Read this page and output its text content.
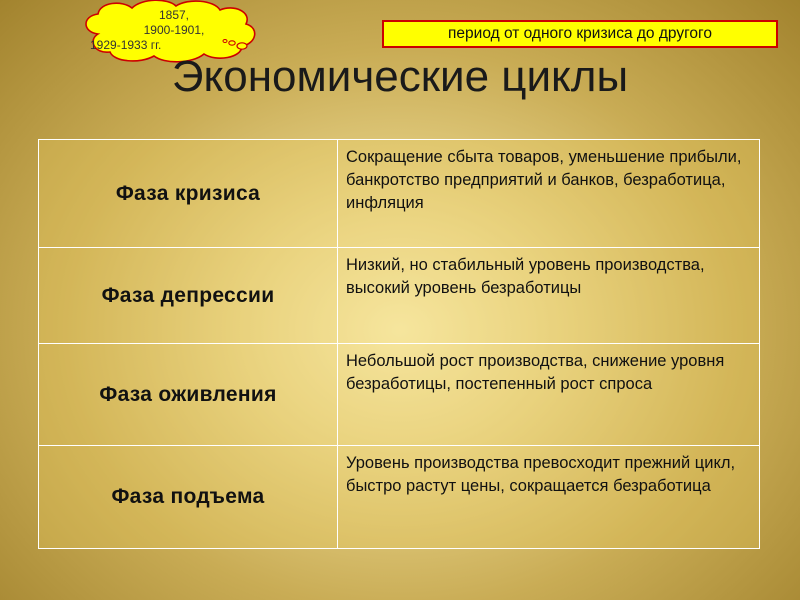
1857,
1900-1901,
1929-1933 гг.
период от одного кризиса до другого
Экономические циклы
Фаза кризиса	Сокращение сбыта товаров, уменьшение прибыли, банкротство предприятий и банков, безработица, инфляция
Фаза депрессии	Низкий, но стабильный уровень производства, высокий уровень безработицы
Фаза оживления	Небольшой рост производства, снижение уровня безработицы, постепенный рост спроса
Фаза подъема	Уровень производства превосходит прежний цикл, быстро растут цены, сокращается безработица
